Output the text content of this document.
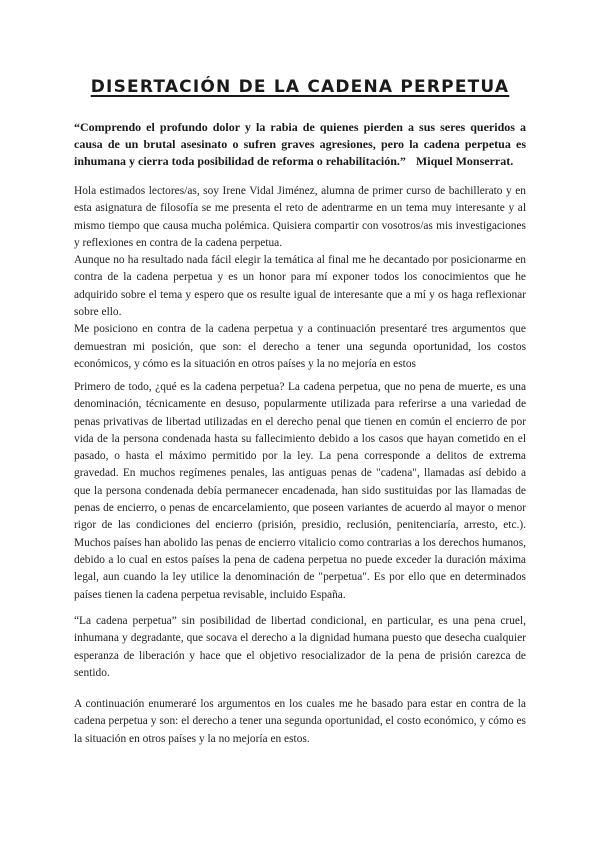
DISERTACIÓN DE LA CADENA PERPETUA
“Comprendo el profundo dolor y la rabia de quienes pierden a sus seres queridos a causa de un brutal asesinato o sufren graves agresiones, pero la cadena perpetua es inhumana y cierra toda posibilidad de reforma o rehabilitación.” Miquel Monserrat.

Hola estimados lectores/as, soy Irene Vidal Jiménez, alumna de primer curso de bachillerato y en esta asignatura de filosofía se me presenta el reto de adentrarme en un tema muy interesante y al mismo tiempo que causa mucha polémica. Quisiera compartir con vosotros/as mis investigaciones y reflexiones en contra de la cadena perpetua.

Aunque no ha resultado nada fácil elegir la temática al final me he decantado por posicionarme en contra de la cadena perpetua y es un honor para mí exponer todos los conocimientos que he adquirido sobre el tema y espero que os resulte igual de interesante que a mí y os haga reflexionar sobre ello.

Me posiciono en contra de la cadena perpetua y a continuación presentaré tres argumentos que demuestran mi posición, que son: el derecho a tener una segunda oportunidad, los costos económicos, y cómo es la situación en otros países y la no mejoría en estos

Primero de todo, ¿qué es la cadena perpetua? La cadena perpetua, que no pena de muerte, es una denominación, técnicamente en desuso, popularmente utilizada para referirse a una variedad de penas privativas de libertad utilizadas en el derecho penal que tienen en común el encierro de por vida de la persona condenada hasta su fallecimiento debido a los casos que hayan cometido en el pasado, o hasta el máximo permitido por la ley. La pena corresponde a delitos de extrema gravedad. En muchos regímenes penales, las antiguas penas de "cadena", llamadas así debido a que la persona condenada debía permanecer encadenada, han sido sustituidas por las llamadas de penas de encierro, o penas de encarcelamiento, que poseen variantes de acuerdo al mayor o menor rigor de las condiciones del encierro (prisión, presidio, reclusión, penitenciaría, arresto, etc.). Muchos países han abolido las penas de encierro vitalicio como contrarias a los derechos humanos, debido a lo cual en estos países la pena de cadena perpetua no puede exceder la duración máxima legal, aun cuando la ley utilice la denominación de "perpetua". Es por ello que en determinados países tienen la cadena perpetua revisable, incluido España.

“La cadena perpetua” sin posibilidad de libertad condicional, en particular, es una pena cruel, inhumana y degradante, que socava el derecho a la dignidad humana puesto que desecha cualquier esperanza de liberación y hace que el objetivo resocializador de la pena de prisión carezca de sentido.

A continuación enumeraré los argumentos en los cuales me he basado para estar en contra de la cadena perpetua y son: el derecho a tener una segunda oportunidad, el costo económico, y cómo es la situación en otros países y la no mejoría en estos.
